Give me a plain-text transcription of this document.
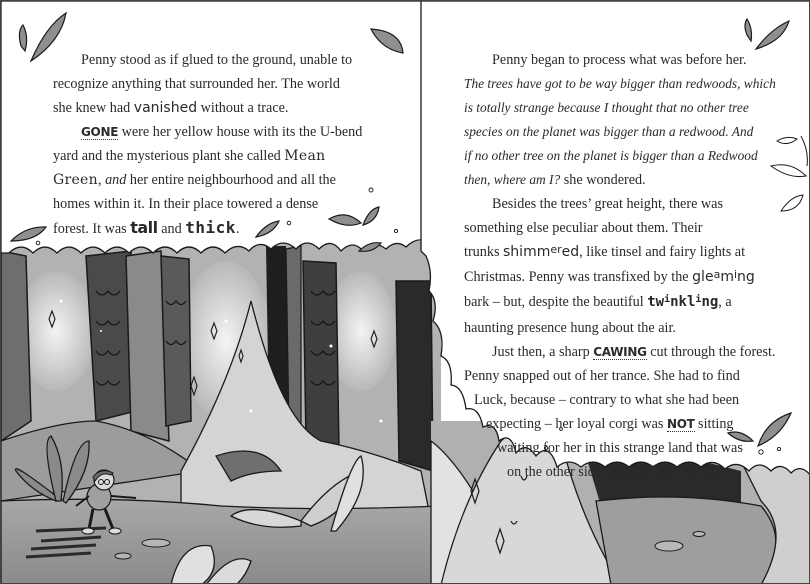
Penny stood as if glued to the ground, unable to
recognize anything that surrounded her. The world
she knew had vanished without a trace.
GONE were her yellow house with its the U-bend
yard and the mysterious plant she called Mean
Green, and her entire neighbourhood and all the
homes within it. In their place towered a dense
forest. It was tall and thick.
Penny began to process what was before her.
The trees have got to be way bigger than redwoods, which
is totally strange because I thought that no other tree
species on the planet was bigger than a redwood. And
if no other tree on the planet is bigger than a Redwood
then, where am I? she wondered.
Besides the trees’ great height, there was
something else peculiar about them. Their
trunks shimm$^{er}$ed, like tinsel and fairy lights at
Christmas. Penny was transfixed by the $gle^am^ing$
bark – but, despite the beautiful $tw^inkl^ing$, a
haunting presence hung about the air.
Just then, a sharp CAWING cut through the forest.
Penny snapped out of her trance. She had to find
Luck, because – contrary to what she had been
expecting – her loyal corgi was NOT sitting
waiting for her in this strange land that was
on the other side of the Mean Green.
